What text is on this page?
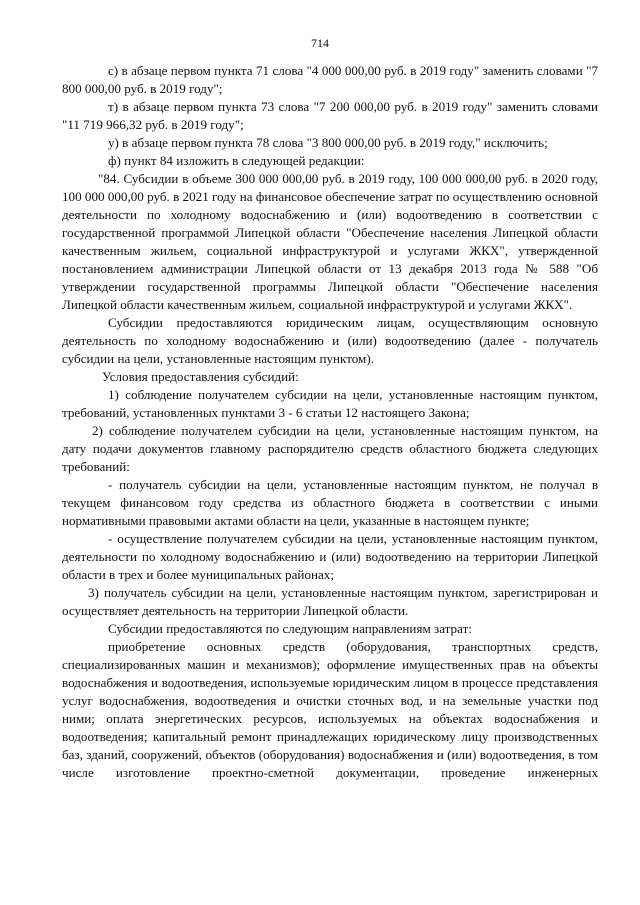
714

с) в абзаце первом пункта 71 слова "4 000 000,00 руб. в 2019 году" заменить словами "7 800 000,00 руб. в 2019 году";

т) в абзаце первом пункта 73 слова "7 200 000,00 руб. в 2019 году" заменить словами "11 719 966,32 руб. в 2019 году";

у) в абзаце первом пункта 78 слова "3 800 000,00 руб. в 2019 году," исключить;

ф) пункт 84 изложить в следующей редакции:

"84. Субсидии в объеме 300 000 000,00 руб. в 2019 году, 100 000 000,00 руб. в 2020 году, 100 000 000,00 руб. в 2021 году на финансовое обеспечение затрат по осуществлению основной деятельности по холодному водоснабжению и (или) водоотведению в соответствии с государственной программой Липецкой области "Обеспечение населения Липецкой области качественным жильем, социальной инфраструктурой и услугами ЖКХ", утвержденной постановлением администрации Липецкой области от 13 декабря 2013 года № 588 "Об утверждении государственной программы Липецкой области "Обеспечение населения Липецкой области качественным жильем, социальной инфраструктурой и услугами ЖКХ".

Субсидии предоставляются юридическим лицам, осуществляющим основную деятельность по холодному водоснабжению и (или) водоотведению (далее - получатель субсидии на цели, установленные настоящим пунктом).

Условия предоставления субсидий:

1) соблюдение получателем субсидии на цели, установленные настоящим пунктом, требований, установленных пунктами 3 - 6 статьи 12 настоящего Закона;

2) соблюдение получателем субсидии на цели, установленные настоящим пунктом, на дату подачи документов главному распорядителю средств областного бюджета следующих требований:

- получатель субсидии на цели, установленные настоящим пунктом, не получал в текущем финансовом году средства из областного бюджета в соответствии с иными нормативными правовыми актами области на цели, указанные в настоящем пункте;

- осуществление получателем субсидии на цели, установленные настоящим пунктом, деятельности по холодному водоснабжению и (или) водоотведению на территории Липецкой области в трех и более муниципальных районах;

3) получатель субсидии на цели, установленные настоящим пунктом, зарегистрирован и осуществляет деятельность на территории Липецкой области.

Субсидии предоставляются по следующим направлениям затрат:

приобретение основных средств (оборудования, транспортных средств, специализированных машин и механизмов); оформление имущественных прав на объекты водоснабжения и водоотведения, используемые юридическим лицом в процессе представления услуг водоснабжения, водоотведения и очистки сточных вод, и на земельные участки под ними; оплата энергетических ресурсов, используемых на объектах водоснабжения и водоотведения; капитальный ремонт принадлежащих юридическому лицу производственных баз, зданий, сооружений, объектов (оборудования) водоснабжения и (или) водоотведения, в том числе изготовление проектно-сметной документации, проведение инженерных
